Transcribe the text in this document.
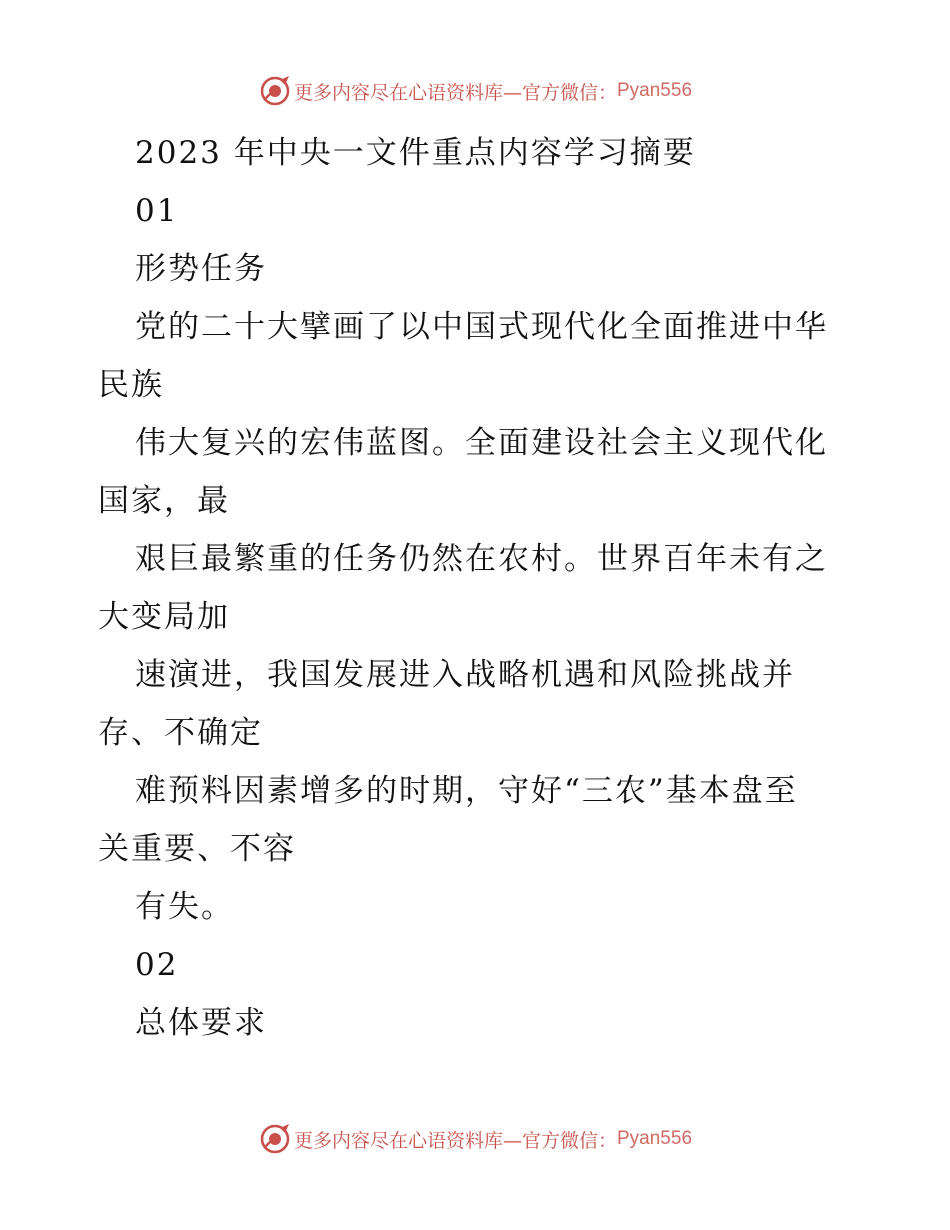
更多内容尽在心语资料库—官方微信： Pyan556
2023 年中央一文件重点内容学习摘要
01
形势任务
党的二十大擘画了以中国式现代化全面推进中华
民族
伟大复兴的宏伟蓝图。全面建设社会主义现代化
国家，最
艰巨最繁重的任务仍然在农村。世界百年未有之
大变局加
速演进，我国发展进入战略机遇和风险挑战并
存、不确定
难预料因素增多的时期，守好“三农”基本盘至
关重要、不容
有失。
02
总体要求
更多内容尽在心语资料库—官方微信： Pyan556
